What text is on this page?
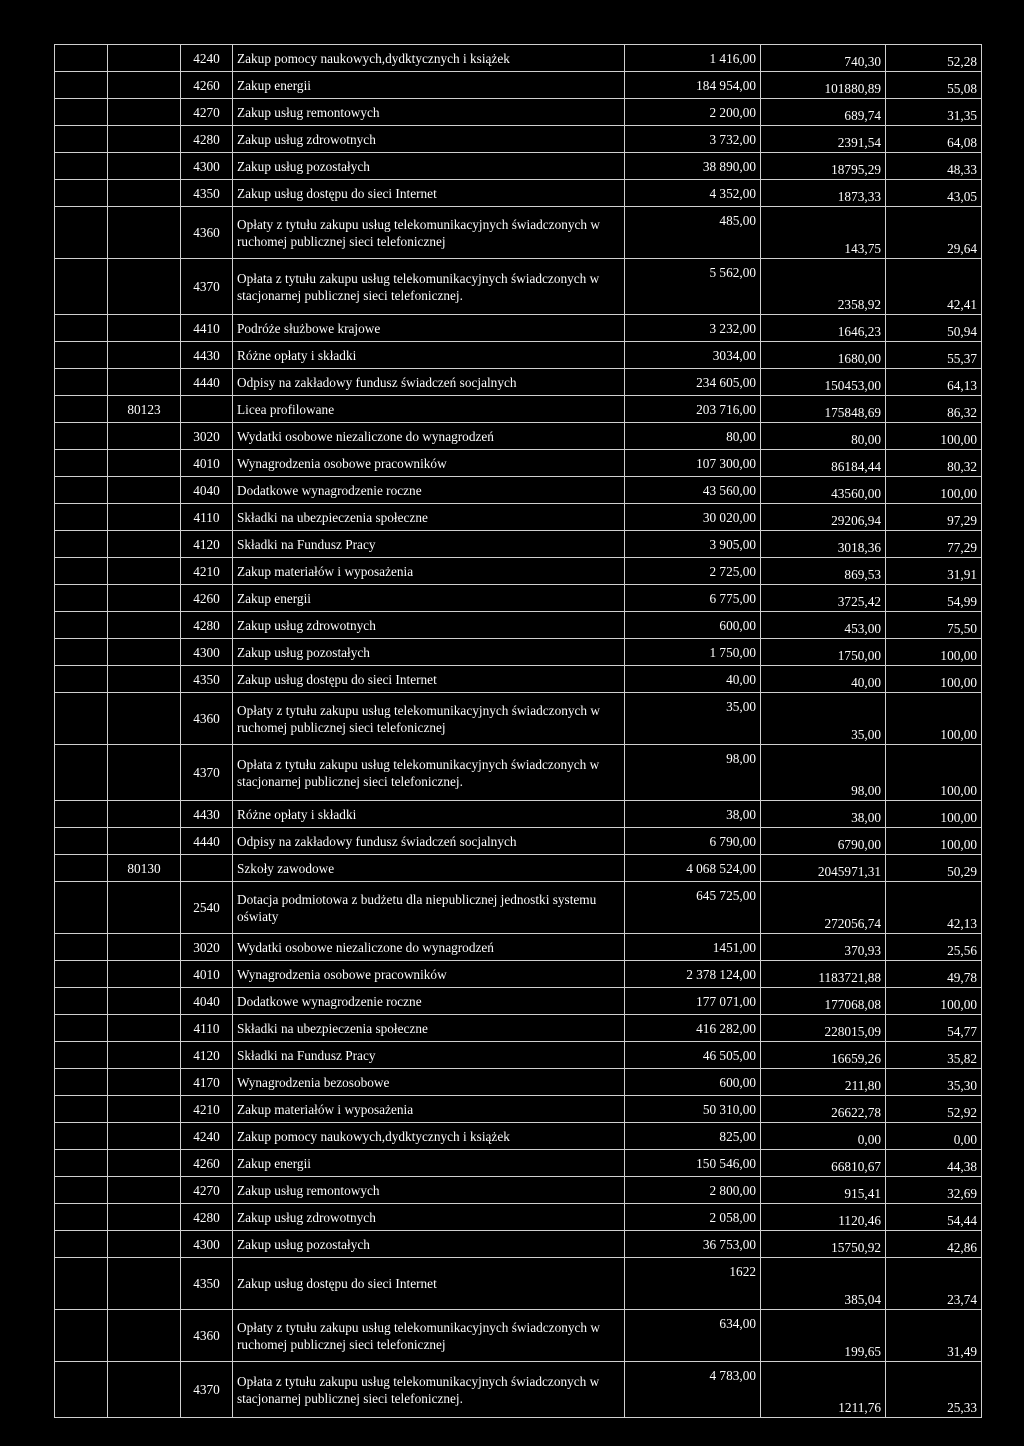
		4240	Zakup pomocy naukowych,dydktycznych i książek	1 416,00	740,30	52,28
		4260	Zakup energii	184 954,00	101880,89	55,08
		4270	Zakup usług remontowych	2 200,00	689,74	31,35
		4280	Zakup usług zdrowotnych	3 732,00	2391,54	64,08
		4300	Zakup usług pozostałych	38 890,00	18795,29	48,33
		4350	Zakup usług dostępu do sieci Internet	4 352,00	1873,33	43,05
		4360	Opłaty z tytułu zakupu usług telekomunikacyjnych świadczonych w ruchomej publicznej sieci telefonicznej	485,00	143,75	29,64
		4370	Opłata z tytułu zakupu usług telekomunikacyjnych świadczonych w stacjonarnej publicznej sieci telefonicznej.	5 562,00	2358,92	42,41
		4410	Podróże służbowe krajowe	3 232,00	1646,23	50,94
		4430	Różne opłaty i składki	3034,00	1680,00	55,37
		4440	Odpisy na zakładowy fundusz świadczeń socjalnych	234 605,00	150453,00	64,13
	80123		Licea profilowane	203 716,00	175848,69	86,32
		3020	Wydatki osobowe niezaliczone do wynagrodzeń	80,00	80,00	100,00
		4010	Wynagrodzenia osobowe pracowników	107 300,00	86184,44	80,32
		4040	Dodatkowe wynagrodzenie roczne	43 560,00	43560,00	100,00
		4110	Składki na ubezpieczenia społeczne	30 020,00	29206,94	97,29
		4120	Składki na Fundusz Pracy	3 905,00	3018,36	77,29
		4210	Zakup materiałów i wyposażenia	2 725,00	869,53	31,91
		4260	Zakup energii	6 775,00	3725,42	54,99
		4280	Zakup usług zdrowotnych	600,00	453,00	75,50
		4300	Zakup usług pozostałych	1 750,00	1750,00	100,00
		4350	Zakup usług dostępu do sieci Internet	40,00	40,00	100,00
		4360	Opłaty z tytułu zakupu usług telekomunikacyjnych świadczonych w ruchomej publicznej sieci telefonicznej	35,00	35,00	100,00
		4370	Opłata z tytułu zakupu usług telekomunikacyjnych świadczonych w stacjonarnej publicznej sieci telefonicznej.	98,00	98,00	100,00
		4430	Różne opłaty i składki	38,00	38,00	100,00
		4440	Odpisy na zakładowy fundusz świadczeń socjalnych	6 790,00	6790,00	100,00
	80130		Szkoły zawodowe	4 068 524,00	2045971,31	50,29
		2540	Dotacja podmiotowa z budżetu dla niepublicznej jednostki systemu oświaty	645 725,00	272056,74	42,13
		3020	Wydatki osobowe niezaliczone do wynagrodzeń	1451,00	370,93	25,56
		4010	Wynagrodzenia osobowe pracowników	2 378 124,00	1183721,88	49,78
		4040	Dodatkowe wynagrodzenie roczne	177 071,00	177068,08	100,00
		4110	Składki na ubezpieczenia społeczne	416 282,00	228015,09	54,77
		4120	Składki na Fundusz Pracy	46 505,00	16659,26	35,82
		4170	Wynagrodzenia bezosobowe	600,00	211,80	35,30
		4210	Zakup materiałów i wyposażenia	50 310,00	26622,78	52,92
		4240	Zakup pomocy naukowych,dydktycznych i książek	825,00	0,00	0,00
		4260	Zakup energii	150 546,00	66810,67	44,38
		4270	Zakup usług remontowych	2 800,00	915,41	32,69
		4280	Zakup usług zdrowotnych	2 058,00	1120,46	54,44
		4300	Zakup usług pozostałych	36 753,00	15750,92	42,86
		4350	Zakup usług dostępu do sieci Internet	1622	385,04	23,74
		4360	Opłaty z tytułu zakupu usług telekomunikacyjnych świadczonych w ruchomej publicznej sieci telefonicznej	634,00	199,65	31,49
		4370	Opłata z tytułu zakupu usług telekomunikacyjnych świadczonych w stacjonarnej publicznej sieci telefonicznej.	4 783,00	1211,76	25,33
